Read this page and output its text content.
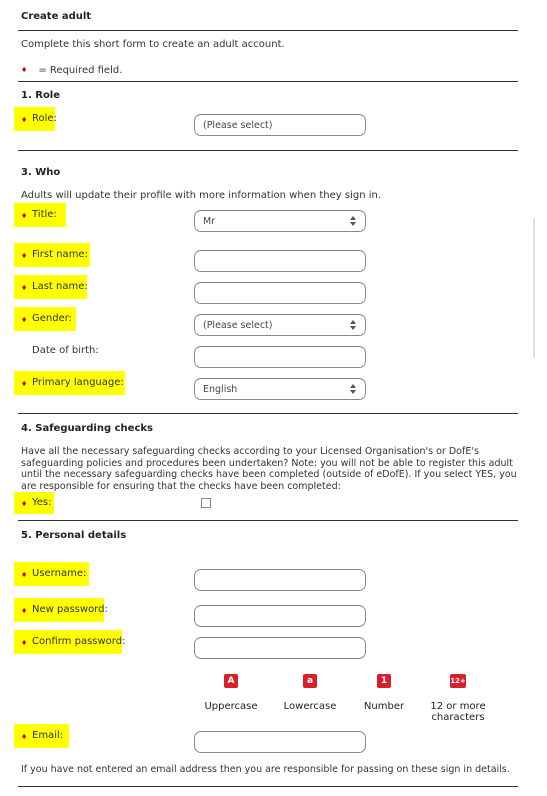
Create adult
Complete this short form to create an adult account.
♦ = Required field.
1. Role
♦ Role:
(Please select)
3. Who
Adults will update their profile with more information when they sign in.
♦ Title:
Mr
♦ First name:
♦ Last name:
♦ Gender:
(Please select)
Date of birth:
♦ Primary language:
English
4. Safeguarding checks
Have all the necessary safeguarding checks according to your Licensed Organisation's or DofE's safeguarding policies and procedures been undertaken? Note: you will not be able to register this adult until the necessary safeguarding checks have been completed (outside of eDofE). If you select YES, you are responsible for ensuring that the checks have been completed:
♦ Yes:
5. Personal details
♦ Username:
♦ New password:
♦ Confirm password:
A	a	1	12+
Uppercase	Lowercase	Number	12 or more characters
♦ Email:
If you have not entered an email address then you are responsible for passing on these sign in details.
